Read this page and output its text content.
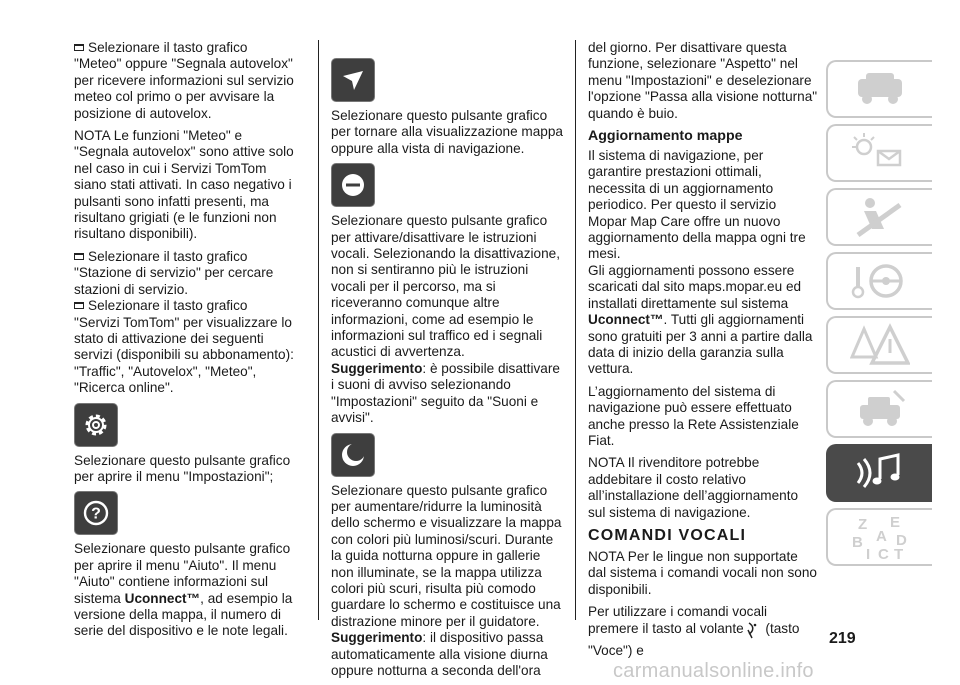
Selezionare il tasto grafico "Meteo" oppure "Segnala autovelox" per ricevere informazioni sul servizio meteo col primo o per avvisare la posizione di autovelox.

NOTA Le funzioni "Meteo" e "Segnala autovelox" sono attive solo nel caso in cui i Servizi TomTom siano stati attivati. In caso negativo i pulsanti sono infatti presenti, ma risultano grigiati (e le funzioni non risultano disponibili).

Selezionare il tasto grafico "Stazione di servizio" per cercare stazioni di servizio.

Selezionare il tasto grafico "Servizi TomTom" per visualizzare lo stato di attivazione dei seguenti servizi (disponibili su abbonamento): "Traffic", "Autovelox", "Meteo", "Ricerca online".

Selezionare questo pulsante grafico per aprire il menu "Impostazioni";

?

Selezionare questo pulsante grafico per aprire il menu "Aiuto". Il menu "Aiuto" contiene informazioni sul sistema Uconnect™, ad esempio la versione della mappa, il numero di serie del dispositivo e le note legali.

Selezionare questo pulsante grafico per tornare alla visualizzazione mappa oppure alla vista di navigazione.

Selezionare questo pulsante grafico per attivare/disattivare le istruzioni vocali. Selezionando la disattivazione, non si sentiranno più le istruzioni vocali per il percorso, ma si riceveranno comunque altre informazioni, come ad esempio le informazioni sul traffico ed i segnali acustici di avvertenza. Suggerimento: è possibile disattivare i suoni di avviso selezionando "Impostazioni" seguito da "Suoni e avvisi".

Selezionare questo pulsante grafico per aumentare/ridurre la luminosità dello schermo e visualizzare la mappa con colori più luminosi/scuri. Durante la guida notturna oppure in gallerie non illuminate, se la mappa utilizza colori più scuri, risulta più comodo guardare lo schermo e costituisce una distrazione minore per il guidatore.

Suggerimento: il dispositivo passa automaticamente alla visione diurna oppure notturna a seconda dell'ora

del giorno. Per disattivare questa funzione, selezionare "Aspetto" nel menu "Impostazioni" e deselezionare l'opzione "Passa alla visione notturna" quando è buio.

Aggiornamento mappe

Il sistema di navigazione, per garantire prestazioni ottimali, necessita di un aggiornamento periodico. Per questo il servizio Mopar Map Care offre un nuovo aggiornamento della mappa ogni tre mesi.

Gli aggiornamenti possono essere scaricati dal sito maps.mopar.eu ed installati direttamente sul sistema Uconnect™. Tutti gli aggiornamenti sono gratuiti per 3 anni a partire dalla data di inizio della garanzia sulla vettura.

L’aggiornamento del sistema di navigazione può essere effettuato anche presso la Rete Assistenziale Fiat.

NOTA Il rivenditore potrebbe addebitare il costo relativo all’installazione dell’aggiornamento sul sistema di navigazione.

COMANDI VOCALI

NOTA Per le lingue non supportate dal sistema i comandi vocali non sono disponibili.

Per utilizzare i comandi vocali premere il tasto al volante (tasto "Voce") e

Z E
B A D
I C T
219
carmanualsonline.info
